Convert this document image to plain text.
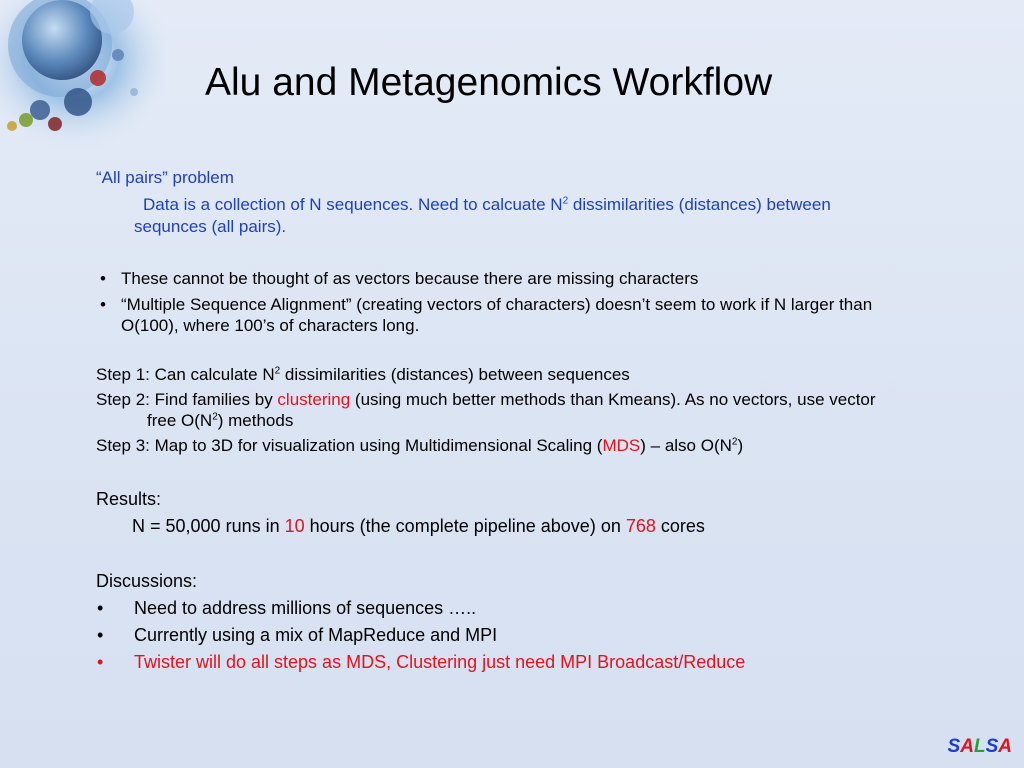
Alu and Metagenomics Workflow
“All pairs” problem
Data is a collection of N sequences. Need to calcuate $N^2$ dissimilarities (distances) between
sequnces (all pairs).
• These cannot be thought of as vectors because there are missing characters
• “Multiple Sequence Alignment” (creating vectors of characters) doesn’t seem to work if N larger than
O(100), where 100’s of characters long.
Step 1: Can calculate $N^2$ dissimilarities (distances) between sequences
Step 2: Find families by clustering (using much better methods than Kmeans). As no vectors, use vector
free $O(N^2)$ methods
Step 3: Map to 3D for visualization using Multidimensional Scaling (MDS) – also $O(N^2)$
Results:
N = 50,000 runs in 10 hours (the complete pipeline above) on 768 cores
Discussions:
• Need to address millions of sequences …..
• Currently using a mix of MapReduce and MPI
• Twister will do all steps as MDS, Clustering just need MPI Broadcast/Reduce
SALSA
